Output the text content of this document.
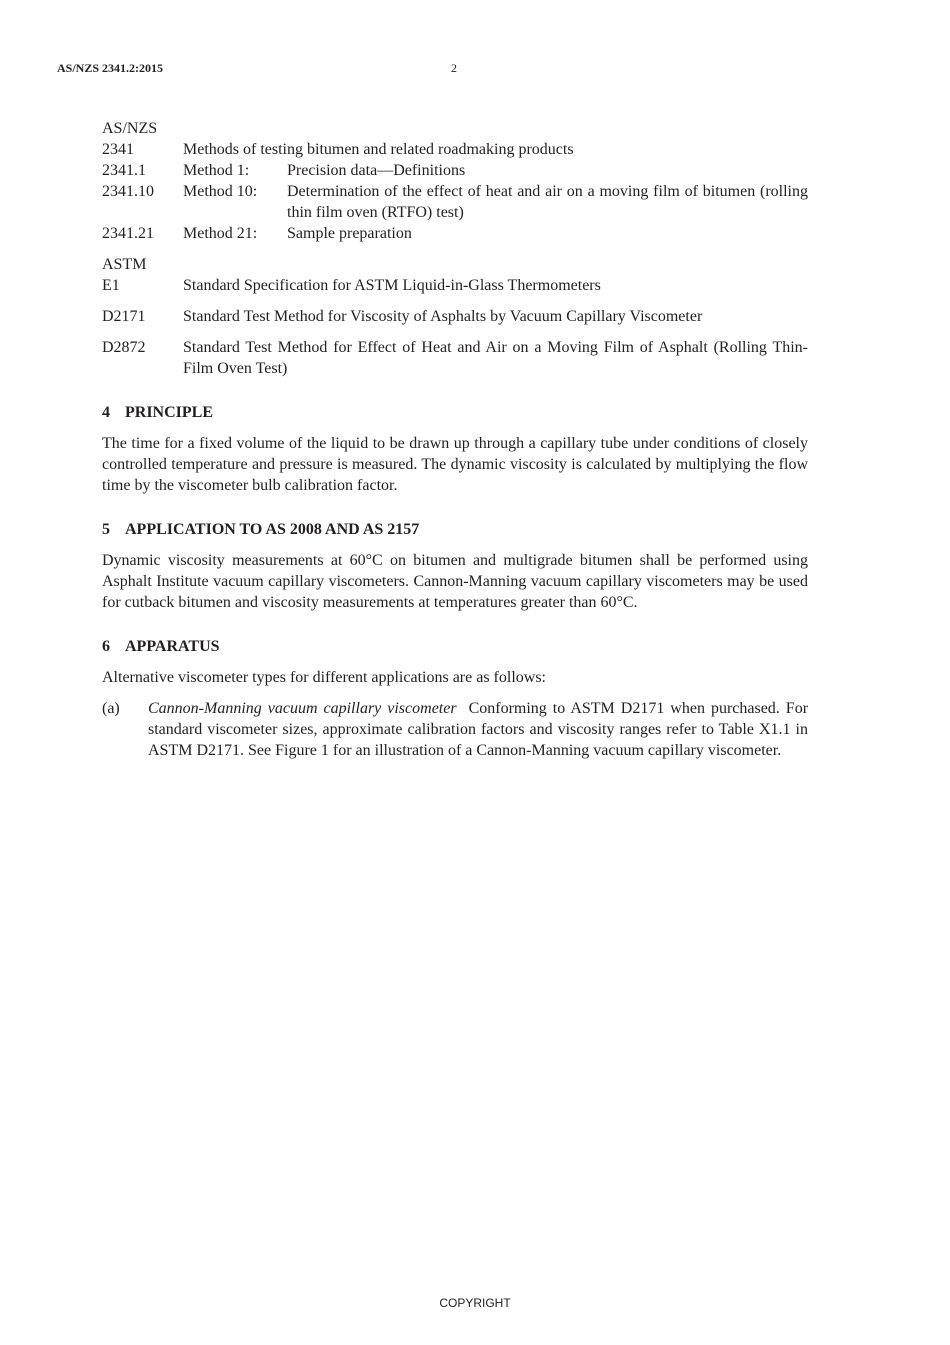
AS/NZS 2341.2:2015	2
AS/NZS
2341	Methods of testing bitumen and related roadmaking products
2341.1	Method 1:	Precision data—Definitions
2341.10	Method 10:	Determination of the effect of heat and air on a moving film of bitumen (rolling thin film oven (RTFO) test)
2341.21	Method 21:	Sample preparation
ASTM
E1	Standard Specification for ASTM Liquid-in-Glass Thermometers
D2171	Standard Test Method for Viscosity of Asphalts by Vacuum Capillary Viscometer
D2872	Standard Test Method for Effect of Heat and Air on a Moving Film of Asphalt (Rolling Thin-Film Oven Test)
4 PRINCIPLE

The time for a fixed volume of the liquid to be drawn up through a capillary tube under conditions of closely controlled temperature and pressure is measured. The dynamic viscosity is calculated by multiplying the flow time by the viscometer bulb calibration factor.

5 APPLICATION TO AS 2008 AND AS 2157

Dynamic viscosity measurements at 60°C on bitumen and multigrade bitumen shall be performed using Asphalt Institute vacuum capillary viscometers. Cannon-Manning vacuum capillary viscometers may be used for cutback bitumen and viscosity measurements at temperatures greater than 60°C.

6 APPARATUS

Alternative viscometer types for different applications are as follows:

(a)	Cannon-Manning vacuum capillary viscometer Conforming to ASTM D2171 when purchased. For standard viscometer sizes, approximate calibration factors and viscosity ranges refer to Table X1.1 in ASTM D2171. See Figure 1 for an illustration of a Cannon-Manning vacuum capillary viscometer.
COPYRIGHT
